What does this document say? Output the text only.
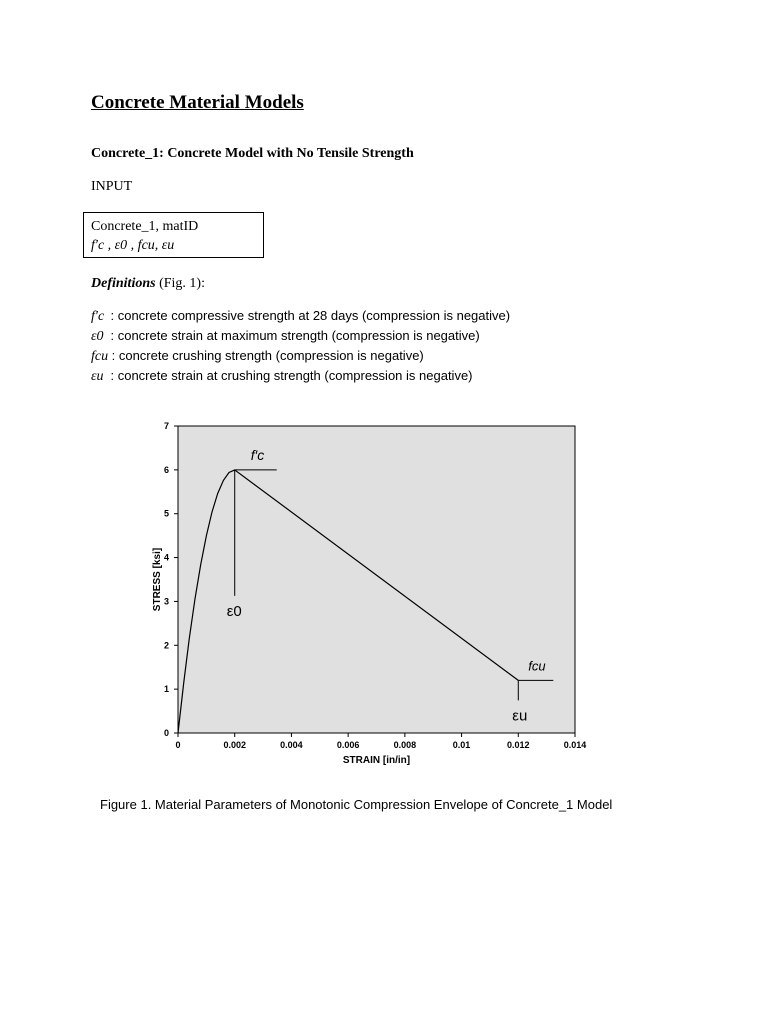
Concrete Material Models
Concrete_1: Concrete Model with No Tensile Strength
INPUT
Concrete_1, matID
f′c , ε0 , fcu, εu
Definitions (Fig. 1):
f′c : concrete compressive strength at 28 days (compression is negative)
ε0 : concrete strain at maximum strength (compression is negative)
fcu : concrete crushing strength (compression is negative)
εu : concrete strain at crushing strength (compression is negative)
0	0.002	0.004	0.006	0.008	0.01	0.012	0.014
0
1
2
3
4
5
6
7
STRAIN [in/in]
STRESS [ksi]
f′c
ε0
fcu
εu
Figure 1. Material Parameters of Monotonic Compression Envelope of Concrete_1 Model
